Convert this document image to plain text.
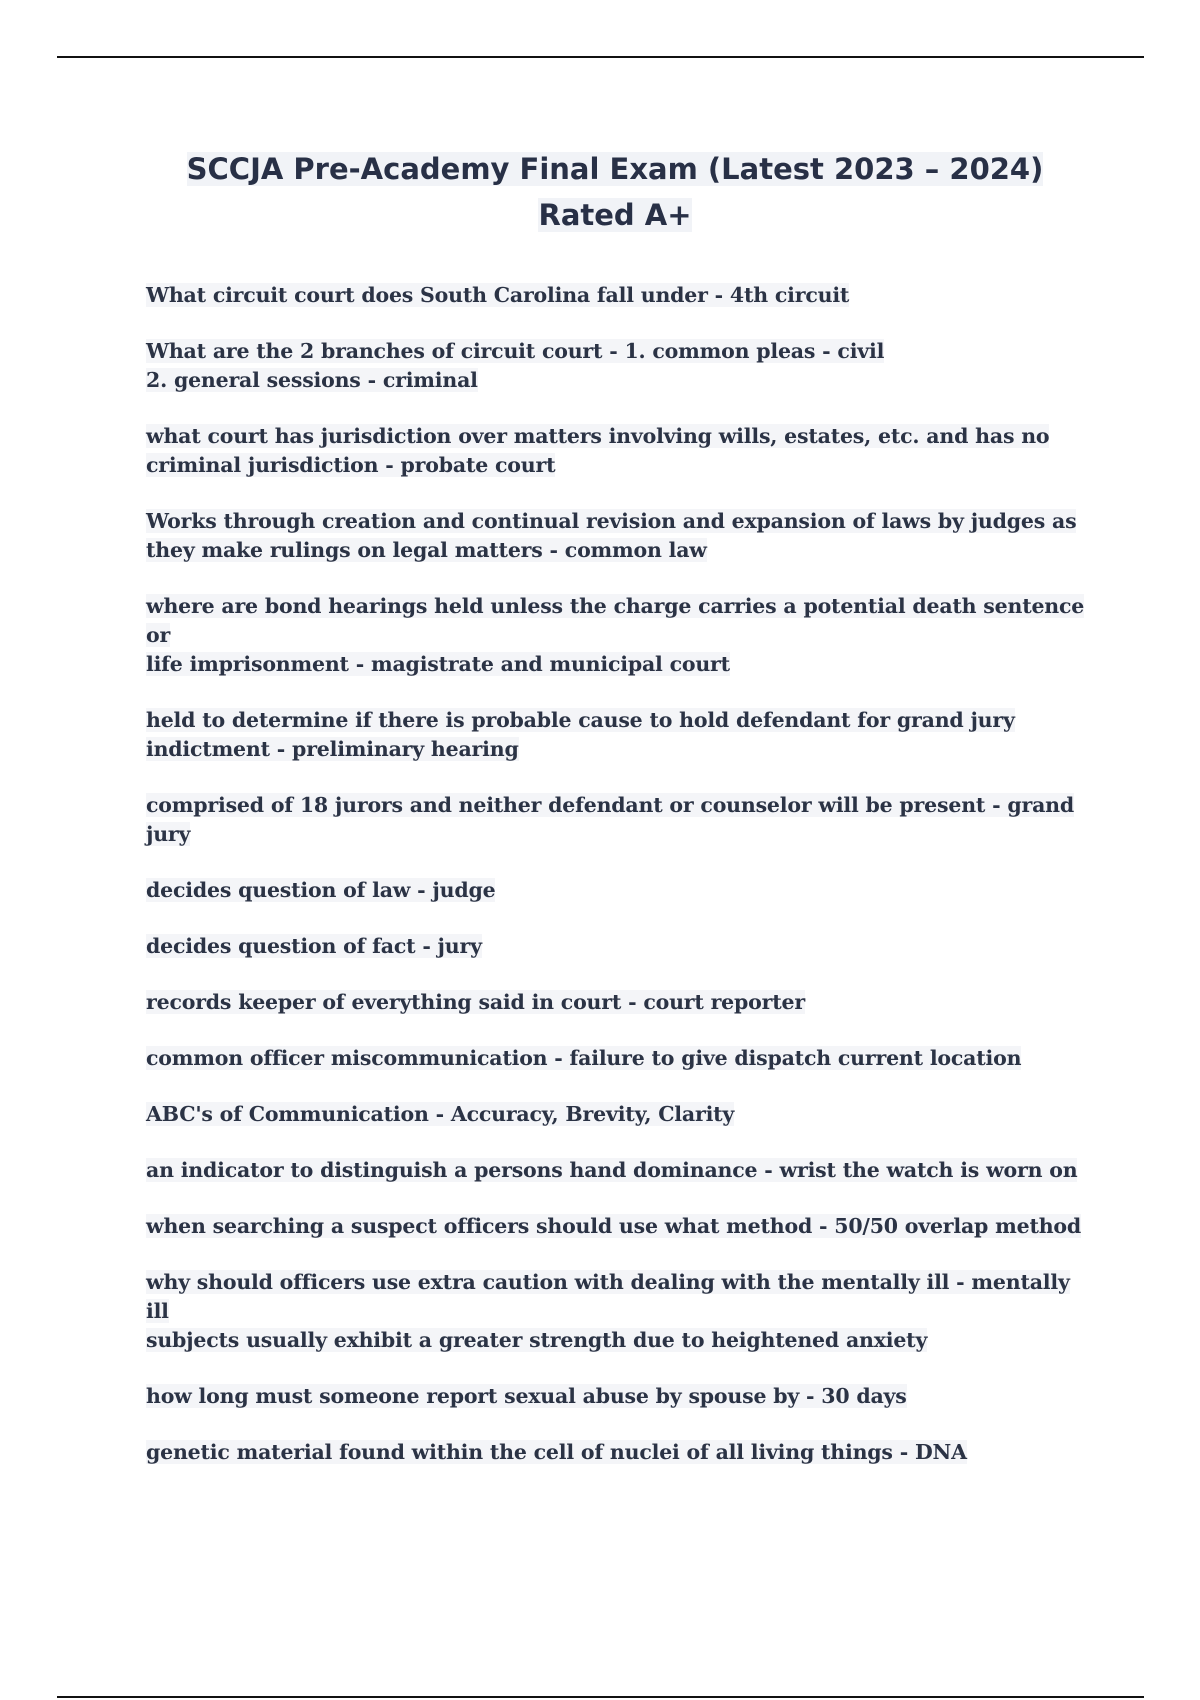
SCCJA Pre-Academy Final Exam (Latest 2023 – 2024)
Rated A+
What circuit court does South Carolina fall under - 4th circuit
What are the 2 branches of circuit court - 1. common pleas - civil
2. general sessions - criminal
what court has jurisdiction over matters involving wills, estates, etc. and has no
criminal jurisdiction - probate court
Works through creation and continual revision and expansion of laws by judges as
they make rulings on legal matters - common law
where are bond hearings held unless the charge carries a potential death sentence or
life imprisonment - magistrate and municipal court
held to determine if there is probable cause to hold defendant for grand jury
indictment - preliminary hearing
comprised of 18 jurors and neither defendant or counselor will be present - grand
jury
decides question of law - judge
decides question of fact - jury
records keeper of everything said in court - court reporter
common officer miscommunication - failure to give dispatch current location
ABC's of Communication - Accuracy, Brevity, Clarity
an indicator to distinguish a persons hand dominance - wrist the watch is worn on
when searching a suspect officers should use what method - 50/50 overlap method
why should officers use extra caution with dealing with the mentally ill - mentally ill
subjects usually exhibit a greater strength due to heightened anxiety
how long must someone report sexual abuse by spouse by - 30 days
genetic material found within the cell of nuclei of all living things - DNA
